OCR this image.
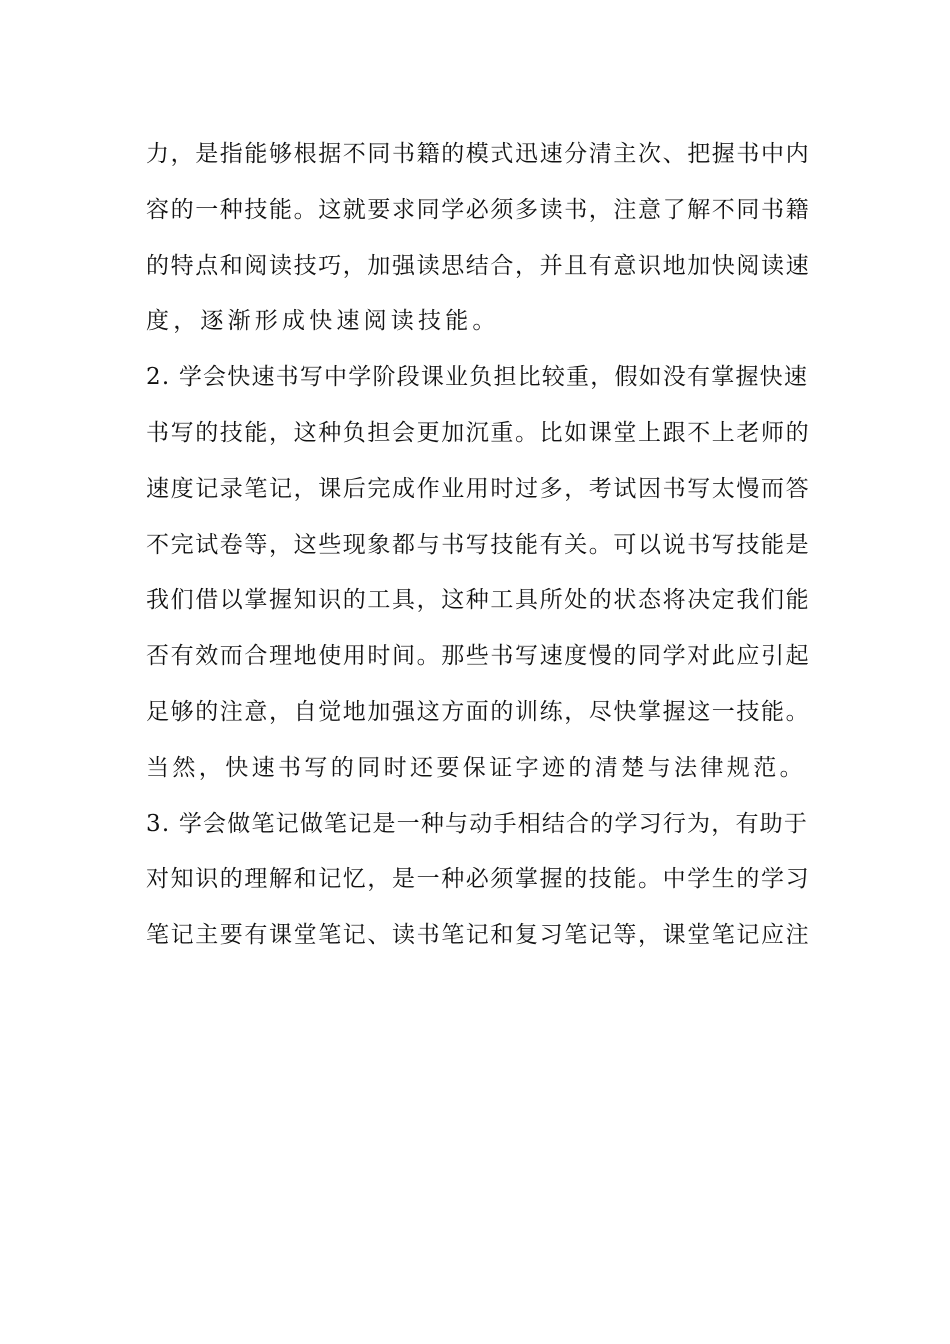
力，是指能够根据不同书籍的模式迅速分清主次、把握书中内
容的一种技能。这就要求同学必须多读书，注意了解不同书籍
的特点和阅读技巧，加强读思结合，并且有意识地加快阅读速
度，逐渐形成快速阅读技能。
2. 学会快速书写中学阶段课业负担比较重，假如没有掌握快速
书写的技能，这种负担会更加沉重。比如课堂上跟不上老师的
速度记录笔记，课后完成作业用时过多，考试因书写太慢而答
不完试卷等，这些现象都与书写技能有关。可以说书写技能是
我们借以掌握知识的工具，这种工具所处的状态将决定我们能
否有效而合理地使用时间。那些书写速度慢的同学对此应引起
足够的注意，自觉地加强这方面的训练，尽快掌握这一技能。
当然，快速书写的同时还要保证字迹的清楚与法律规范。
3. 学会做笔记做笔记是一种与动手相结合的学习行为，有助于
对知识的理解和记忆，是一种必须掌握的技能。中学生的学习
笔记主要有课堂笔记、读书笔记和复习笔记等，课堂笔记应注
